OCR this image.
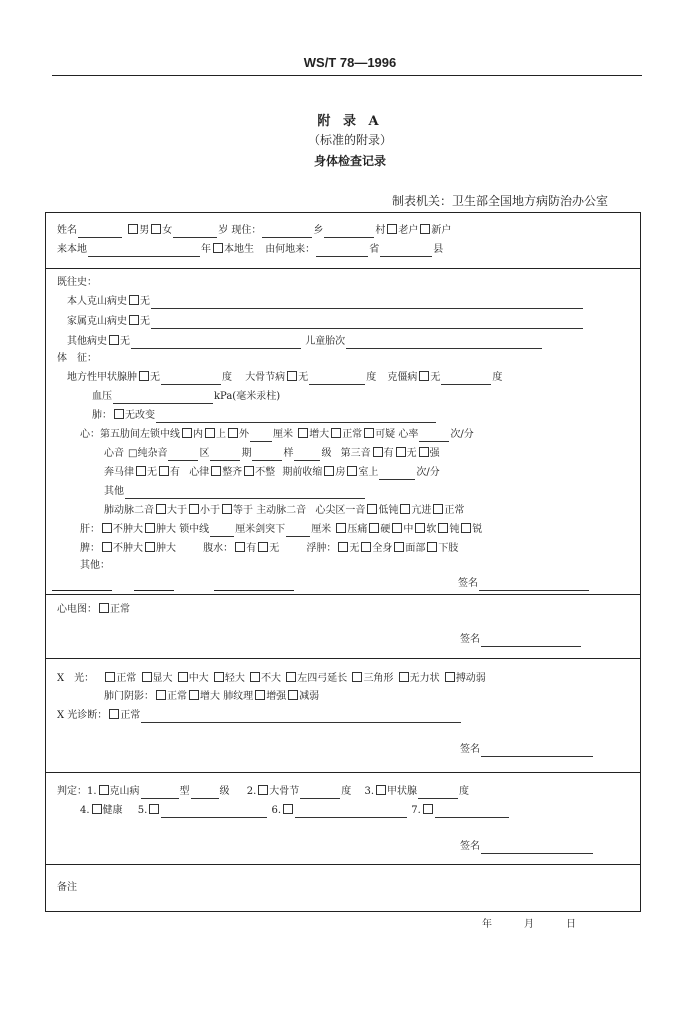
WS/T 78—1996
附 录 A
（标准的附录）
身体检查记录
制表机关：卫生部全国地方病防治办公室
姓名	男 女	岁 现住：	乡	村 老户 新户
来本地	年 本地生 由何地来：	省	县
既往史：
本人克山病史 无
家属克山病史 无
其他病史 无	儿童胎次
体　征：
地方性甲状腺肿 无	度 大骨节病 无	度 克僵病 无	度
血压	kPa(毫米汞柱)
肺： 无改变
心：第五肋间左锁中线 内 上 外 厘米 增大 正常 可疑 心率	次/分
心音 □纯杂音	区	期	样	级 第三音 有 无 强
奔马律 无 有 心律 整齐 不整 期前收缩 房 室上	次/分
其他
肺动脉二音 大于 小于 等于 主动脉二音 心尖区一音 低钝 亢进 正常
肝： 不肿大 肿大 锁中线	厘米剑突下	厘米 压痛 硬 中 软 钝 锐
脾： 不肿大 肿大	腹水： 有 无	浮肿： 无 全身 面部 下肢
其他：
签名
心电图： 正常
签名
X　光： 正常 显大 中大 轻大 不大 左四弓延长 三角形 无力状 搏动弱
肺门阴影： 正常 增大 肺纹理 增强 减弱
X 光诊断： 正常
签名
判定：1. 克山病	型	级 2. 大骨节	度 3. 甲状腺	度
4. 健康 5.	6.	7.
签名
备注
年	月	日
